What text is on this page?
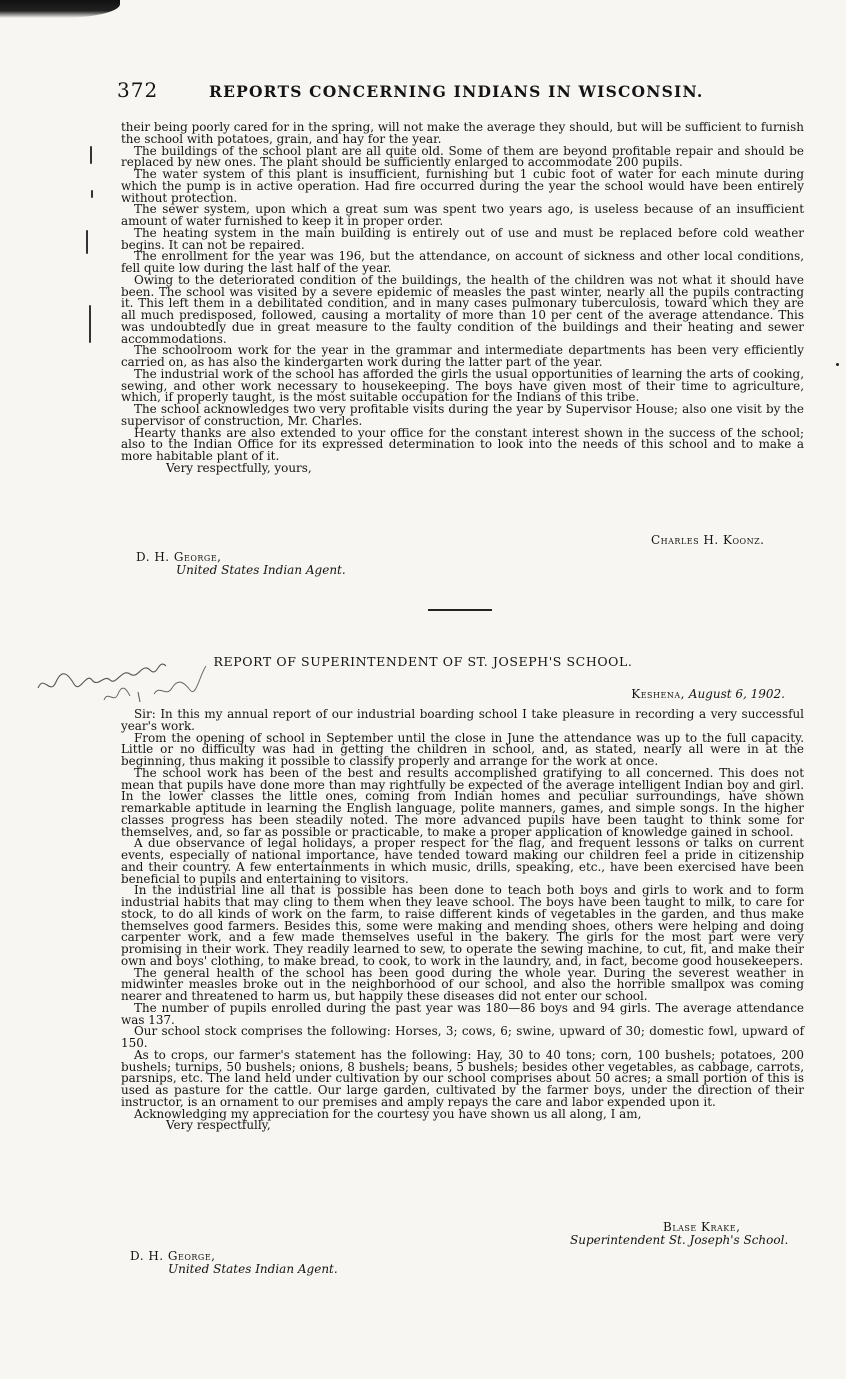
372	REPORTS CONCERNING INDIANS IN WISCONSIN.

their being poorly cared for in the spring, will not make the average they should, but will be sufficient to furnish the school with potatoes, grain, and hay for the year.

The buildings of the school plant are all quite old. Some of them are beyond profitable repair and should be replaced by new ones. The plant should be sufficiently enlarged to accommodate 200 pupils.

The water system of this plant is insufficient, furnishing but 1 cubic foot of water for each minute during which the pump is in active operation. Had fire occurred during the year the school would have been entirely without protection.

The sewer system, upon which a great sum was spent two years ago, is useless because of an insufficient amount of water furnished to keep it in proper order.

The heating system in the main building is entirely out of use and must be replaced before cold weather begins. It can not be repaired.

The enrollment for the year was 196, but the attendance, on account of sickness and other local conditions, fell quite low during the last half of the year.

Owing to the deteriorated condition of the buildings, the health of the children was not what it should have been. The school was visited by a severe epidemic of measles the past winter, nearly all the pupils contracting it. This left them in a debilitated condition, and in many cases pulmonary tuberculosis, toward which they are all much predisposed, followed, causing a mortality of more than 10 per cent of the average attendance. This was undoubtedly due in great measure to the faulty condition of the buildings and their heating and sewer accommodations.

The schoolroom work for the year in the grammar and intermediate departments has been very efficiently carried on, as has also the kindergarten work during the latter part of the year.

The industrial work of the school has afforded the girls the usual opportunities of learning the arts of cooking, sewing, and other work necessary to housekeeping. The boys have given most of their time to agriculture, which, if properly taught, is the most suitable occupation for the Indians of this tribe.

The school acknowledges two very profitable visits during the year by Supervisor House; also one visit by the supervisor of construction, Mr. Charles.

Hearty thanks are also extended to your office for the constant interest shown in the success of the school; also to the Indian Office for its expressed determination to look into the needs of this school and to make a more habitable plant of it.

Very respectfully, yours,

Charles H. Koonz.
D. H. George,
United States Indian Agent.
REPORT OF SUPERINTENDENT OF ST. JOSEPH'S SCHOOL.
Keshena, August 6, 1902.

Sir: In this my annual report of our industrial boarding school I take pleasure in recording a very successful year's work.

From the opening of school in September until the close in June the attendance was up to the full capacity. Little or no difficulty was had in getting the children in school, and, as stated, nearly all were in at the beginning, thus making it possible to classify properly and arrange for the work at once.

The school work has been of the best and results accomplished gratifying to all concerned. This does not mean that pupils have done more than may rightfully be expected of the average intelligent Indian boy and girl. In the lower classes the little ones, coming from Indian homes and peculiar surroundings, have shown remarkable aptitude in learning the English language, polite manners, games, and simple songs. In the higher classes progress has been steadily noted. The more advanced pupils have been taught to think some for themselves, and, so far as possible or practicable, to make a proper application of knowledge gained in school.

A due observance of legal holidays, a proper respect for the flag, and frequent lessons or talks on current events, especially of national importance, have tended toward making our children feel a pride in citizenship and their country. A few entertainments in which music, drills, speaking, etc., have been exercised have been beneficial to pupils and entertaining to visitors.

In the industrial line all that is possible has been done to teach both boys and girls to work and to form industrial habits that may cling to them when they leave school. The boys have been taught to milk, to care for stock, to do all kinds of work on the farm, to raise different kinds of vegetables in the garden, and thus make themselves good farmers. Besides this, some were making and mending shoes, others were helping and doing carpenter work, and a few made themselves useful in the bakery. The girls for the most part were very promising in their work. They readily learned to sew, to operate the sewing machine, to cut, fit, and make their own and boys' clothing, to make bread, to cook, to work in the laundry, and, in fact, become good housekeepers.

The general health of the school has been good during the whole year. During the severest weather in midwinter measles broke out in the neighborhood of our school, and also the horrible smallpox was coming nearer and threatened to harm us, but happily these diseases did not enter our school.

The number of pupils enrolled during the past year was 180—86 boys and 94 girls. The average attendance was 137.

Our school stock comprises the following: Horses, 3; cows, 6; swine, upward of 30; domestic fowl, upward of 150.

As to crops, our farmer's statement has the following: Hay, 30 to 40 tons; corn, 100 bushels; potatoes, 200 bushels; turnips, 50 bushels; onions, 8 bushels; beans, 5 bushels; besides other vegetables, as cabbage, carrots, parsnips, etc. The land held under cultivation by our school comprises about 50 acres; a small portion of this is used as pasture for the cattle. Our large garden, cultivated by the farmer boys, under the direction of their instructor, is an ornament to our premises and amply repays the care and labor expended upon it.

Acknowledging my appreciation for the courtesy you have shown us all along, I am,

Very respectfully,

Blase Krake,
Superintendent St. Joseph's School.
D. H. George,
United States Indian Agent.
